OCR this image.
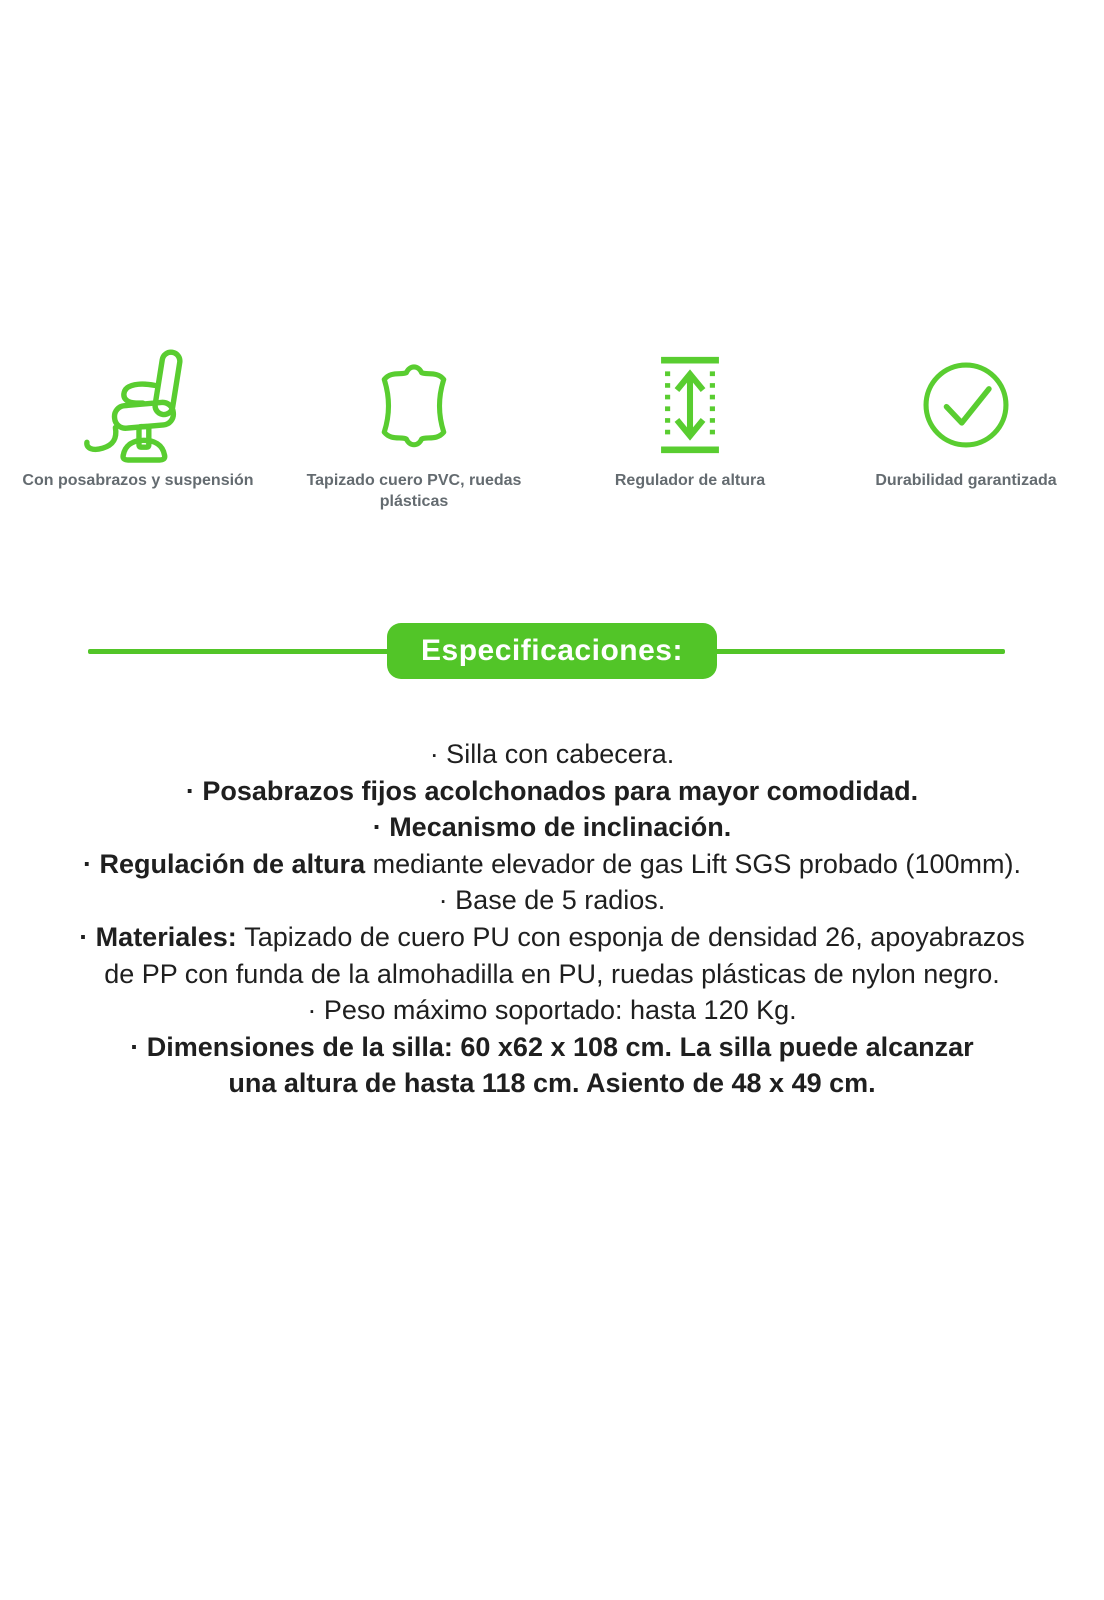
Con posabrazos y suspensión	Tapizado cuero PVC, ruedas plásticas
Regulador de altura	Durabilidad garantizada
Especificaciones:

· Silla con cabecera.

· Posabrazos fijos acolchonados para mayor comodidad.

· Mecanismo de inclinación.

· Regulación de altura mediante elevador de gas Lift SGS probado (100mm).

· Base de 5 radios.

· Materiales: Tapizado de cuero PU con esponja de densidad 26, apoyabrazos

de PP con funda de la almohadilla en PU, ruedas plásticas de nylon negro.

· Peso máximo soportado: hasta 120 Kg.

· Dimensiones de la silla: 60 x62 x 108 cm. La silla puede alcanzar

una altura de hasta 118 cm. Asiento de 48 x 49 cm.
